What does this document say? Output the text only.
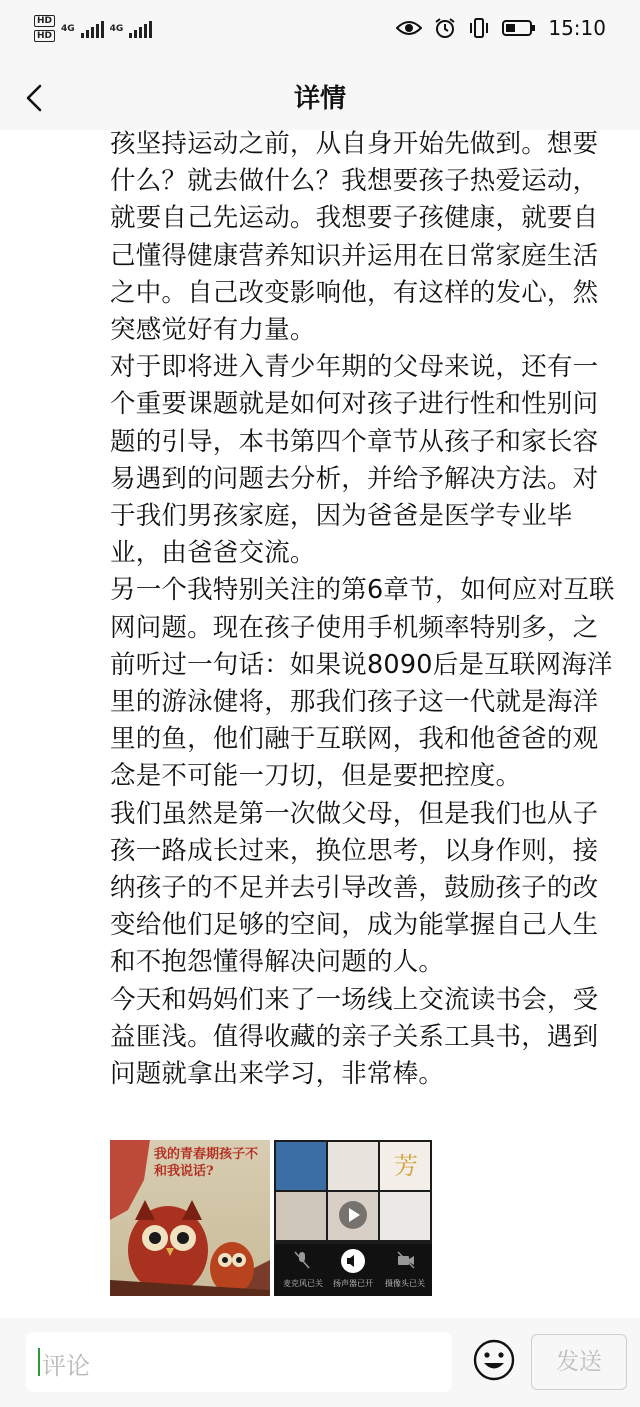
HD
HD
4G	4G	15:10
详情

孩坚持运动之前，从自身开始先做到。想要什么？就去做什么？我想要孩子热爱运动，就要自己先运动。我想要子孩健康，就要自己懂得健康营养知识并运用在日常家庭生活之中。自己改变影响他，有这样的发心，然突感觉好有力量。

对于即将进入青少年期的父母来说，还有一个重要课题就是如何对孩子进行性和性别问题的引导，本书第四个章节从孩子和家长容易遇到的问题去分析，并给予解决方法。对于我们男孩家庭，因为爸爸是医学专业毕业，由爸爸交流。

另一个我特别关注的第6章节，如何应对互联网问题。现在孩子使用手机频率特别多，之前听过一句话：如果说8090后是互联网海洋里的游泳健将，那我们孩子这一代就是海洋里的鱼，他们融于互联网，我和他爸爸的观念是不可能一刀切，但是要把控度。

我们虽然是第一次做父母，但是我们也从子孩一路成长过来，换位思考，以身作则，接纳孩子的不足并去引导改善，鼓励孩子的改变给他们足够的空间，成为能掌握自己人生和不抱怨懂得解决问题的人。

今天和妈妈们来了一场线上交流读书会，受益匪浅。值得收藏的亲子关系工具书，遇到问题就拿出来学习，非常棒。

我的青春期孩子不和我说话?	芳
麦克风已关	扬声器已开	摄像头已关
评论	发送
